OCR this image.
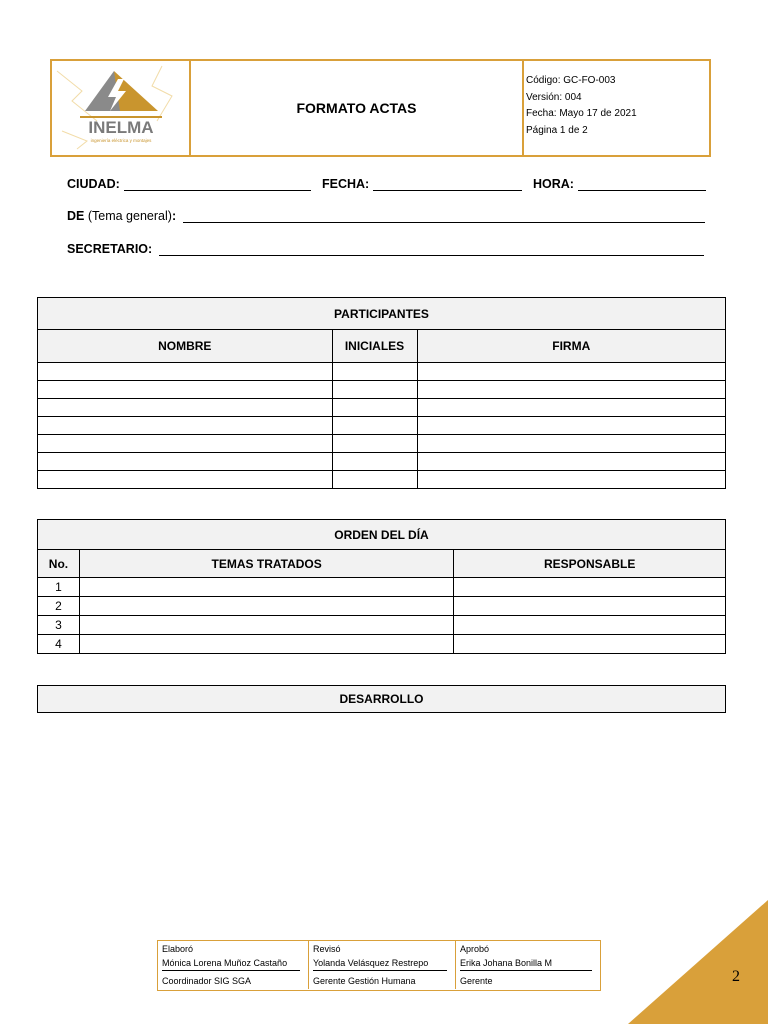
INELMA
ingeniería eléctrica y montajes
FORMATO ACTAS
Código: GC-FO-003
Versión: 004
Fecha: Mayo 17 de 2021
Página 1 de 2
CIUDAD:	FECHA:	HORA:
DE (Tema general):
SECRETARIO:
PARTICIPANTES		
NOMBRE	INICIALES	FIRMA

ORDEN DEL DÍA		
No.	TEMAS TRATADOS	RESPONSABLE
1		
2		
3		
4		
DESARROLLO
Elaboró
Mónica Lorena Muñoz Castaño
Coordinador SIG SGA
Revisó
Yolanda Velásquez Restrepo
Gerente Gestión Humana
Aprobó
Erika Johana Bonilla M
Gerente	2
